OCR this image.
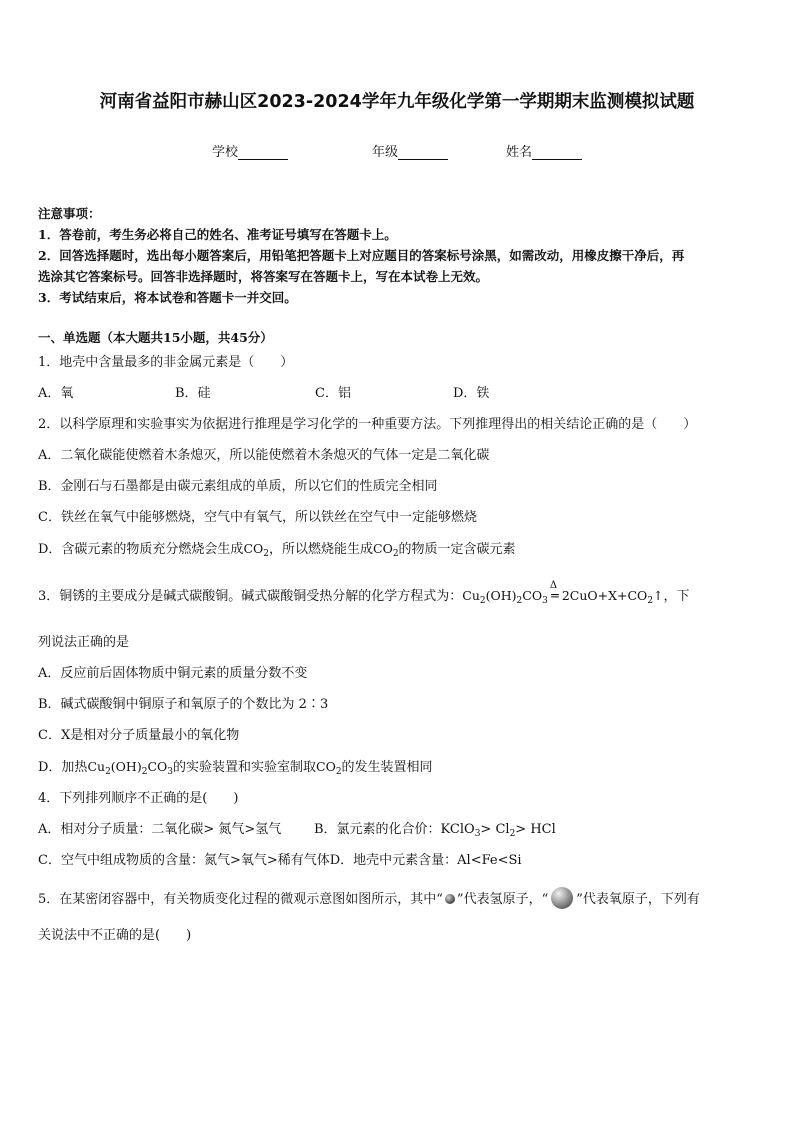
河南省益阳市赫山区2023-2024学年九年级化学第一学期期末监测模拟试题
学校	年级	姓名
注意事项：
1．答卷前，考生务必将自己的姓名、准考证号填写在答题卡上。
2．回答选择题时，选出每小题答案后，用铅笔把答题卡上对应题目的答案标号涂黑，如需改动，用橡皮擦干净后，再
选涂其它答案标号。回答非选择题时，将答案写在答题卡上，写在本试卷上无效。
3．考试结束后，将本试卷和答题卡一并交回。
一、单选题（本大题共15小题，共45分）
1．地壳中含量最多的非金属元素是（　　）
A．氧	B．硅	C．铝	D．铁
2．以科学原理和实验事实为依据进行推理是学习化学的一种重要方法。下列推理得出的相关结论正确的是（　　）
A．二氧化碳能使燃着木条熄灭，所以能使燃着木条熄灭的气体一定是二氧化碳
B．金刚石与石墨都是由碳元素组成的单质，所以它们的性质完全相同
C．铁丝在氧气中能够燃烧，空气中有氧气，所以铁丝在空气中一定能够燃烧
D．含碳元素的物质充分燃烧会生成$CO_2$，所以燃烧能生成$CO_2$的物质一定含碳元素
3．铜锈的主要成分是碱式碳酸铜。碱式碳酸铜受热分解的化学方程式为：$Cu_2(OH)_2CO_3$
Δ
═ $2CuO+X+CO_2↑$，下
列说法正确的是
A．反应前后固体物质中铜元素的质量分数不变
B．碱式碳酸铜中铜原子和氧原子的个数比为 2∶3
C．X是相对分子质量最小的氧化物
D．加热$Cu_2(OH)_2CO_3$的实验装置和实验室制取$CO_2$的发生装置相同
4．下列排列顺序不正确的是(　　)
A．相对分子质量：二氧化碳> 氮气>氢气	B．氯元素的化合价：KClO$_3$> $Cl_2>$ HCl
C．空气中组成物质的含量：氮气>氧气>稀有气体D．地壳中元素含量：Al<Fe<Si
5．在某密闭容器中，有关物质变化过程的微观示意图如图所示，其中“ ”代表氢原子，“ ”代表氧原子，下列有
关说法中不正确的是(　　)
